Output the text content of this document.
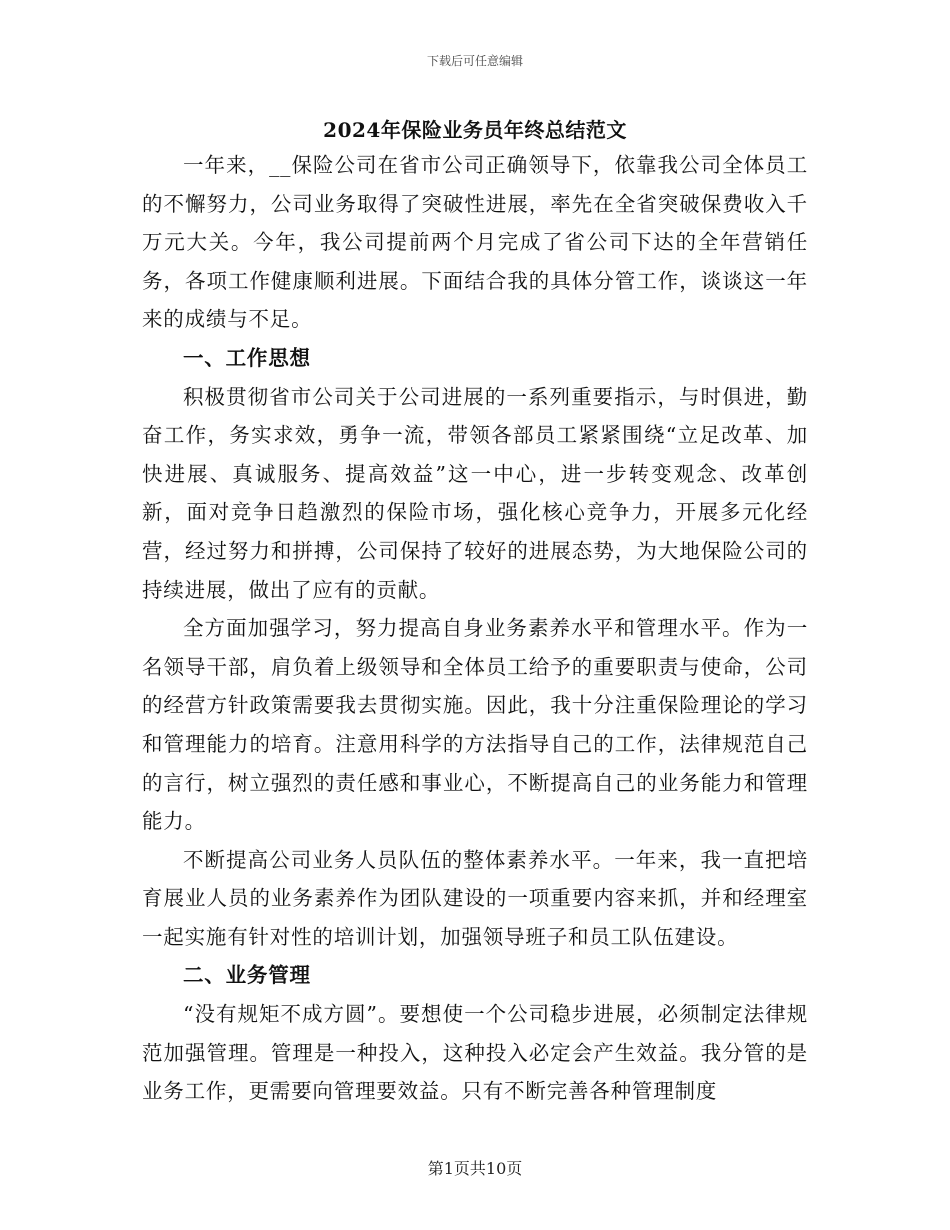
下载后可任意编辑
2024年保险业务员年终总结范文

一年来，__保险公司在省市公司正确领导下，依靠我公司全体员工的不懈努力，公司业务取得了突破性进展，率先在全省突破保费收入千万元大关。今年，我公司提前两个月完成了省公司下达的全年营销任务，各项工作健康顺利进展。下面结合我的具体分管工作，谈谈这一年来的成绩与不足。

一、工作思想

积极贯彻省市公司关于公司进展的一系列重要指示，与时俱进，勤奋工作，务实求效，勇争一流，带领各部员工紧紧围绕“立足改革、加快进展、真诚服务、提高效益”这一中心，进一步转变观念、改革创新，面对竞争日趋激烈的保险市场，强化核心竞争力，开展多元化经营，经过努力和拼搏，公司保持了较好的进展态势，为大地保险公司的持续进展，做出了应有的贡献。

全方面加强学习，努力提高自身业务素养水平和管理水平。作为一名领导干部，肩负着上级领导和全体员工给予的重要职责与使命，公司的经营方针政策需要我去贯彻实施。因此，我十分注重保险理论的学习和管理能力的培育。注意用科学的方法指导自己的工作，法律规范自己的言行，树立强烈的责任感和事业心，不断提高自己的业务能力和管理能力。

不断提高公司业务人员队伍的整体素养水平。一年来，我一直把培育展业人员的业务素养作为团队建设的一项重要内容来抓，并和经理室一起实施有针对性的培训计划，加强领导班子和员工队伍建设。

二、业务管理

“没有规矩不成方圆”。要想使一个公司稳步进展，必须制定法律规范加强管理。管理是一种投入，这种投入必定会产生效益。我分管的是业务工作，更需要向管理要效益。只有不断完善各种管理制度

第1页共10页
